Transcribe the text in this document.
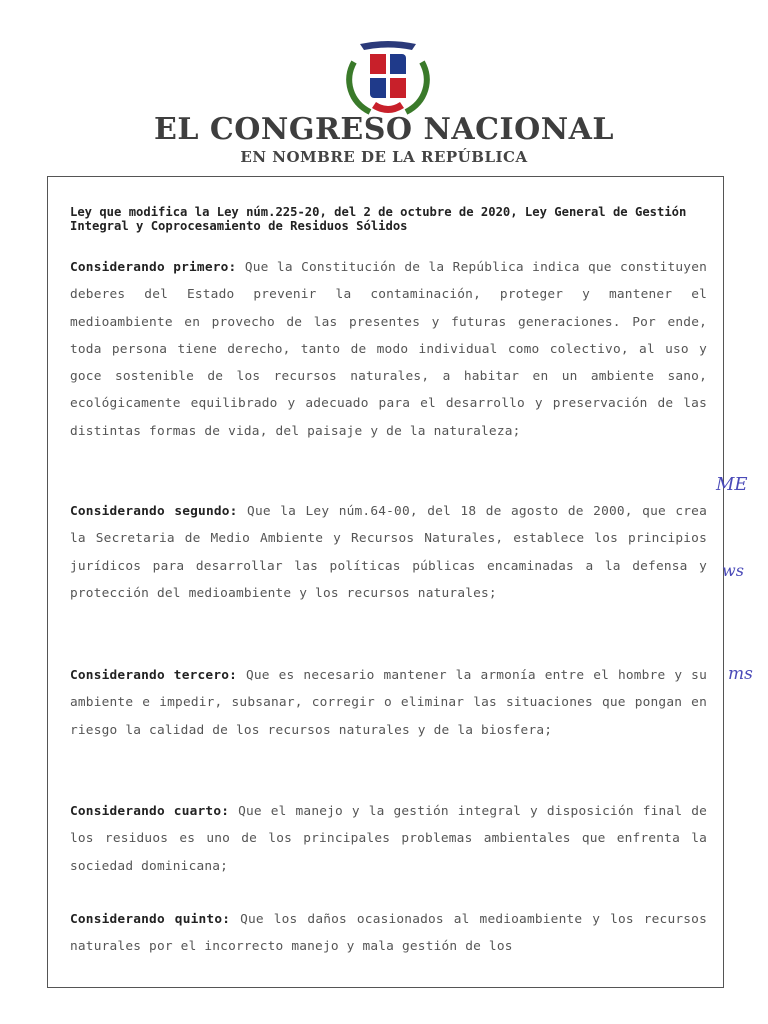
EL CONGRESO NACIONAL
EN NOMBRE DE LA REPÚBLICA
Ley que modifica la Ley núm.225-20, del 2 de octubre de 2020, Ley General de Gestión Integral y Coprocesamiento de Residuos Sólidos
Considerando primero: Que la Constitución de la República indica que constituyen deberes del Estado prevenir la contaminación, proteger y mantener el medioambiente en provecho de las presentes y futuras generaciones. Por ende, toda persona tiene derecho, tanto de modo individual como colectivo, al uso y goce sostenible de los recursos naturales, a habitar en un ambiente sano, ecológicamente equilibrado y adecuado para el desarrollo y preservación de las distintas formas de vida, del paisaje y de la naturaleza;
Considerando segundo: Que la Ley núm.64-00, del 18 de agosto de 2000, que crea la Secretaria de Medio Ambiente y Recursos Naturales, establece los principios jurídicos para desarrollar las políticas públicas encaminadas a la defensa y protección del medioambiente y los recursos naturales;
Considerando tercero: Que es necesario mantener la armonía entre el hombre y su ambiente e impedir, subsanar, corregir o eliminar las situaciones que pongan en riesgo la calidad de los recursos naturales y de la biosfera;
Considerando cuarto: Que el manejo y la gestión integral y disposición final de los residuos es uno de los principales problemas ambientales que enfrenta la sociedad dominicana;
Considerando quinto: Que los daños ocasionados al medioambiente y los recursos naturales por el incorrecto manejo y mala gestión de los
ME
ws
ms
